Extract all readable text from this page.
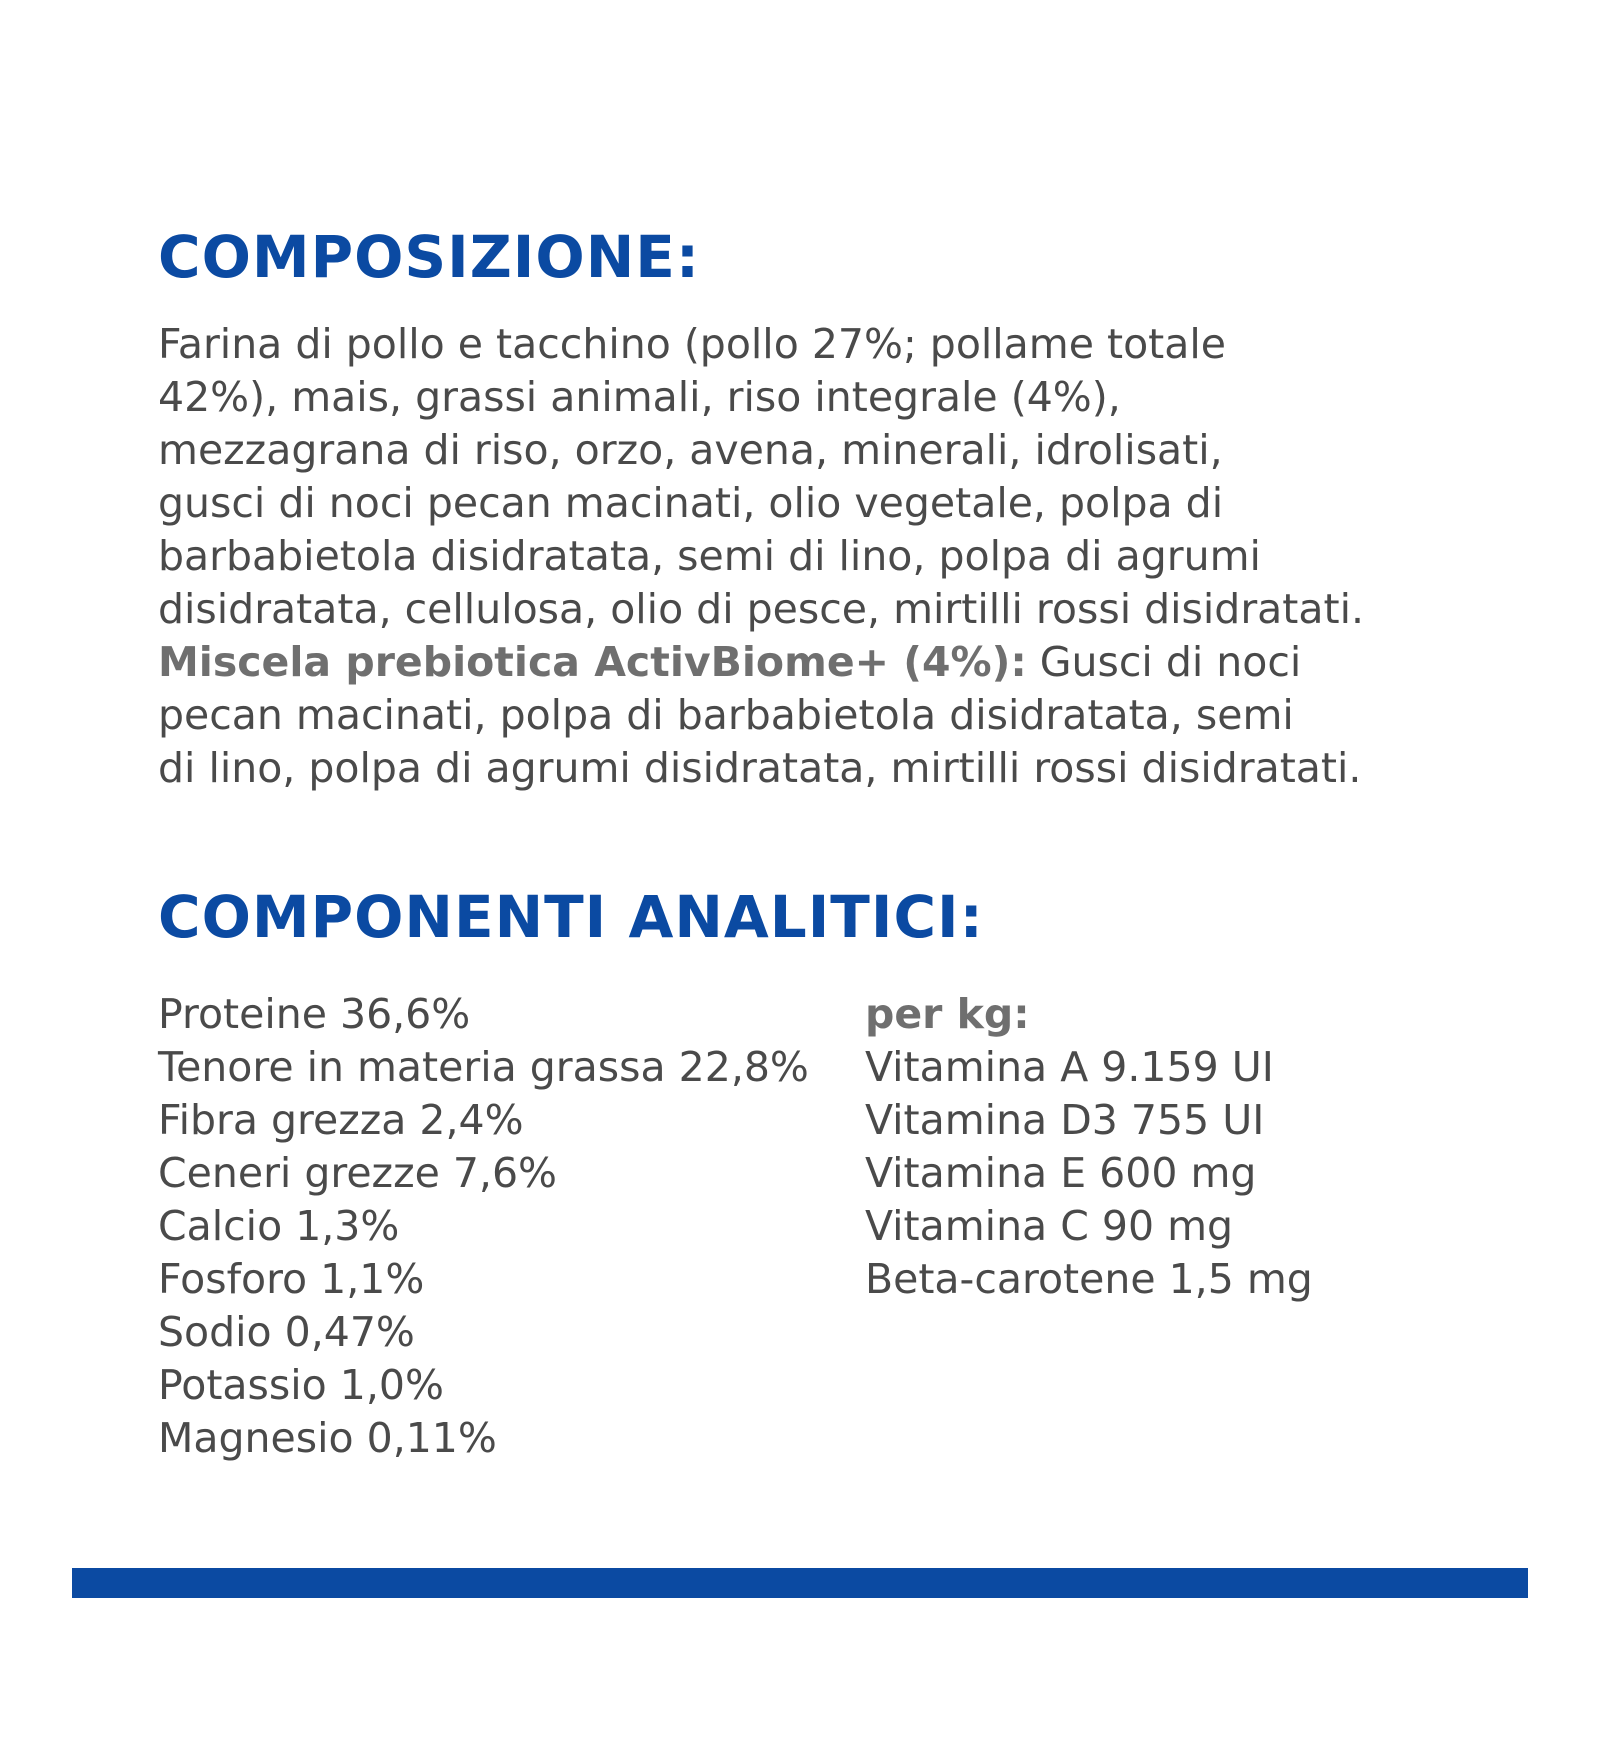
COMPOSIZIONE:
Farina di pollo e tacchino (pollo 27%; pollame totale
42%), mais, grassi animali, riso integrale (4%),
mezzagrana di riso, orzo, avena, minerali, idrolisati,
gusci di noci pecan macinati, olio vegetale, polpa di
barbabietola disidratata, semi di lino, polpa di agrumi
disidratata, cellulosa, olio di pesce, mirtilli rossi disidratati.
Miscela prebiotica ActivBiome+ (4%): Gusci di noci
pecan macinati, polpa di barbabietola disidratata, semi
di lino, polpa di agrumi disidratata, mirtilli rossi disidratati.
COMPONENTI ANALITICI:
Proteine 36,6%
Tenore in materia grassa 22,8%
Fibra grezza 2,4%
Ceneri grezze 7,6%
Calcio 1,3%
Fosforo 1,1%
Sodio 0,47%
Potassio 1,0%
Magnesio 0,11%
per kg:
Vitamina A 9.159 UI
Vitamina D3 755 UI
Vitamina E 600 mg
Vitamina C 90 mg
Beta-carotene 1,5 mg
